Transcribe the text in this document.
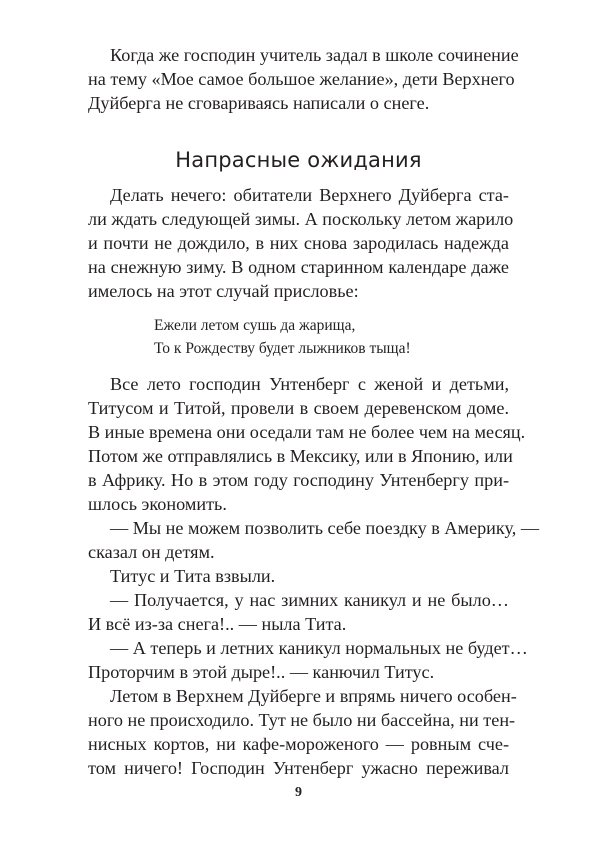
Когда же господин учитель задал в школе сочинение
на тему «Мое самое большое желание», дети Верхнего
Дуйберга не сговариваясь написали о снеге.
Напрасные ожидания
Делать нечего: обитатели Верхнего Дуйберга ста-
ли ждать следующей зимы. А поскольку летом жарило
и почти не дождило, в них снова зародилась надежда
на снежную зиму. В одном старинном календаре даже
имелось на этот случай присловье:
Ежели летом сушь да жарища,
То к Рождеству будет лыжников тыща!
Все лето господин Унтенберг с женой и детьми,
Титусом и Титой, провели в своем деревенском доме.
В иные времена они оседали там не более чем на месяц.
Потом же отправлялись в Мексику, или в Японию, или
в Африку. Но в этом году господину Унтенбергу при-
шлось экономить.
— Мы не можем позволить себе поездку в Америку, —
сказал он детям.
Титус и Тита взвыли.
— Получается, у нас зимних каникул и не было…
И всё из-за снега!.. — ныла Тита.
— А теперь и летних каникул нормальных не будет…
Проторчим в этой дыре!.. — канючил Титус.
Летом в Верхнем Дуйберге и впрямь ничего особен-
ного не происходило. Тут не было ни бассейна, ни тен-
нисных кортов, ни кафе-мороженого — ровным сче-
том ничего! Господин Унтенберг ужасно переживал
9
